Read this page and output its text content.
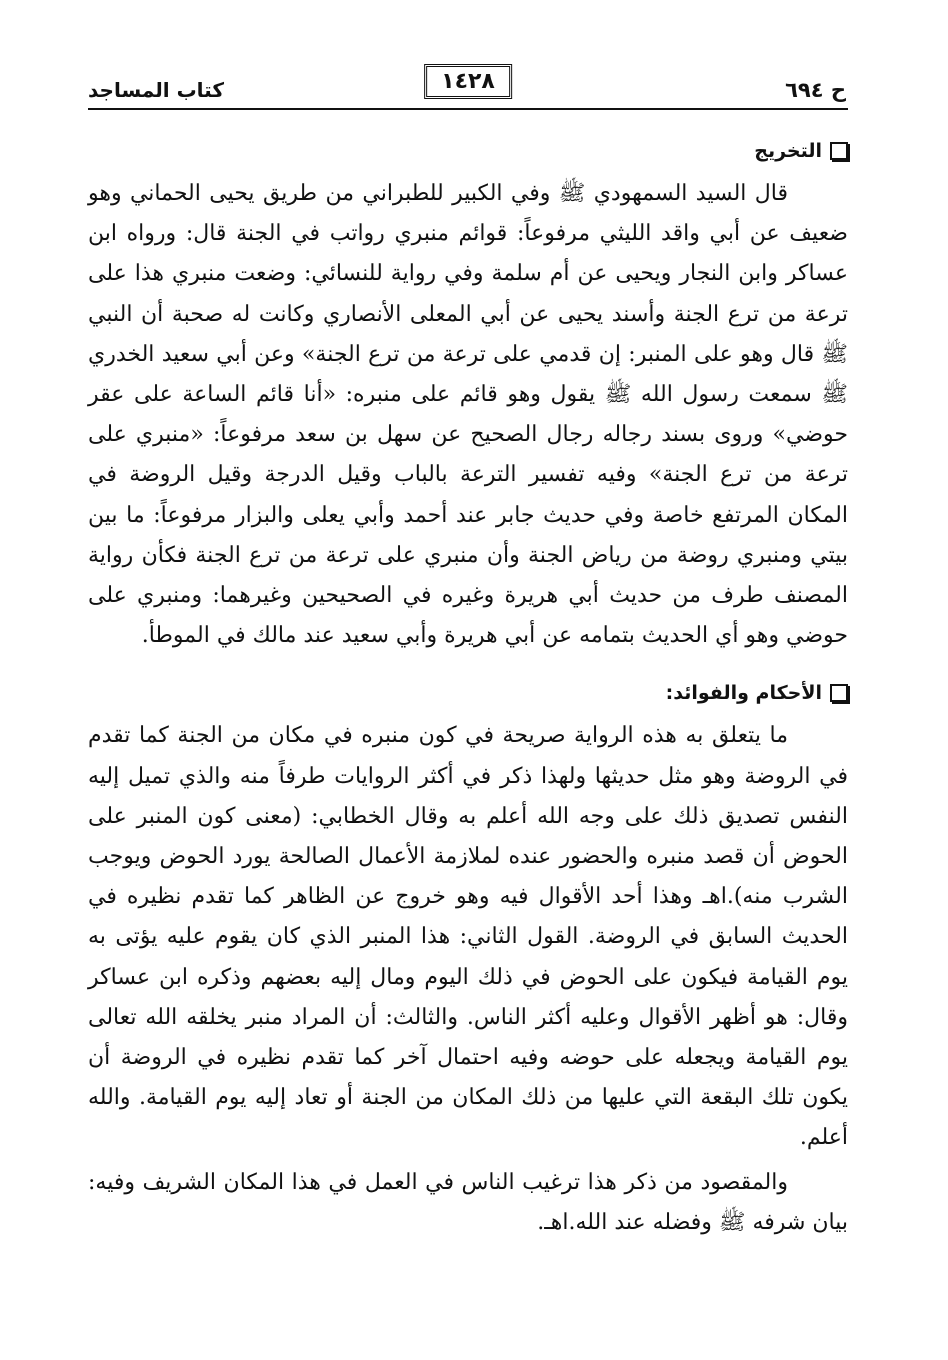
ح ٦٩٤
١٤٢٨
كتاب المساجد
التخريج

قال السيد السمهودي ﷺ وفي الكبير للطبراني من طريق يحيى الحماني وهو ضعيف عن أبي واقد الليثي مرفوعاً: قوائم منبري رواتب في الجنة قال: ورواه ابن عساكر وابن النجار ويحيى عن أم سلمة وفي رواية للنسائي: وضعت منبري هذا على ترعة من ترع الجنة وأسند يحيى عن أبي المعلى الأنصاري وكانت له صحبة أن النبي ﷺ قال وهو على المنبر: إن قدمي على ترعة من ترع الجنة» وعن أبي سعيد الخدري ﷺ سمعت رسول الله ﷺ يقول وهو قائم على منبره: «أنا قائم الساعة على عقر حوضي» وروى بسند رجاله رجال الصحيح عن سهل بن سعد مرفوعاً: «منبري على ترعة من ترع الجنة» وفيه تفسير الترعة بالباب وقيل الدرجة وقيل الروضة في المكان المرتفع خاصة وفي حديث جابر عند أحمد وأبي يعلى والبزار مرفوعاً: ما بين بيتي ومنبري روضة من رياض الجنة وأن منبري على ترعة من ترع الجنة فكأن رواية المصنف طرف من حديث أبي هريرة وغيره في الصحيحين وغيرهما: ومنبري على حوضي وهو أي الحديث بتمامه عن أبي هريرة وأبي سعيد عند مالك في الموطأ.

الأحكام والفوائد:

ما يتعلق به هذه الرواية صريحة في كون منبره في مكان من الجنة كما تقدم في الروضة وهو مثل حديثها ولهذا ذكر في أكثر الروايات طرفاً منه والذي تميل إليه النفس تصديق ذلك على وجه الله أعلم به وقال الخطابي: (معنى كون المنبر على الحوض أن قصد منبره والحضور عنده لملازمة الأعمال الصالحة يورد الحوض ويوجب الشرب منه).اهـ وهذا أحد الأقوال فيه وهو خروج عن الظاهر كما تقدم نظيره في الحديث السابق في الروضة. القول الثاني: هذا المنبر الذي كان يقوم عليه يؤتى به يوم القيامة فيكون على الحوض في ذلك اليوم ومال إليه بعضهم وذكره ابن عساكر وقال: هو أظهر الأقوال وعليه أكثر الناس. والثالث: أن المراد منبر يخلقه الله تعالى يوم القيامة ويجعله على حوضه وفيه احتمال آخر كما تقدم نظيره في الروضة أن يكون تلك البقعة التي عليها من ذلك المكان من الجنة أو تعاد إليه يوم القيامة. والله أعلم.

والمقصود من ذكر هذا ترغيب الناس في العمل في هذا المكان الشريف وفيه: بيان شرفه ﷺ وفضله عند الله.اهـ.
